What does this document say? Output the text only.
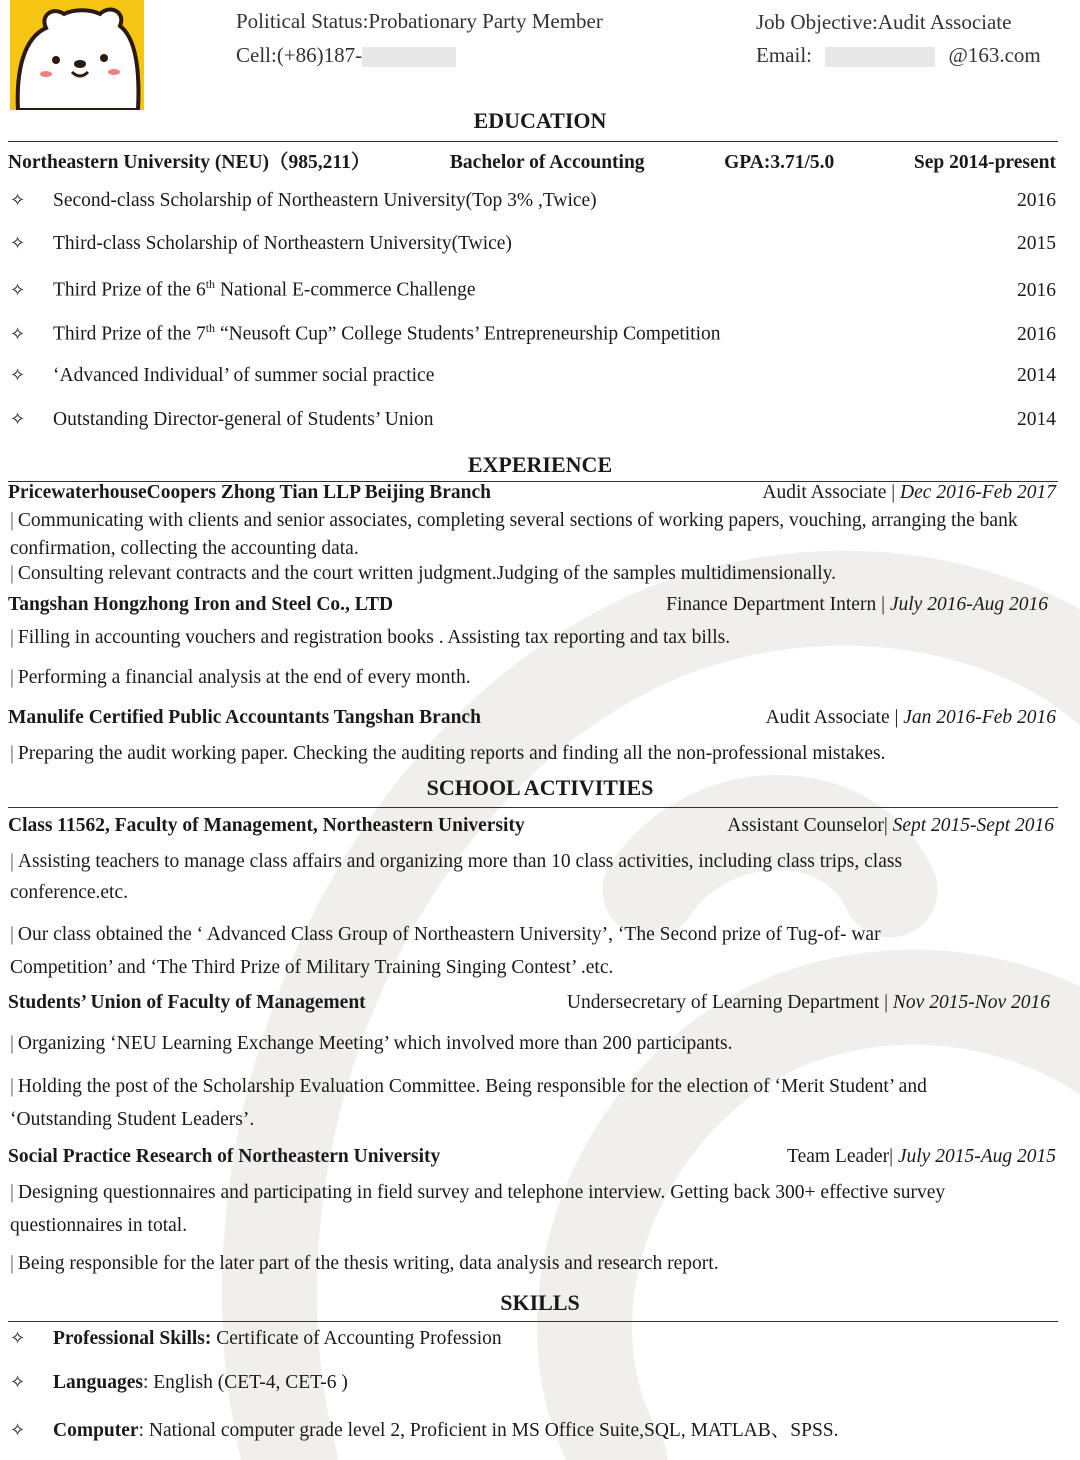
Political Status:Probationary Party Member
Cell:(+86)187-
Job Objective:Audit Associate
Email:	@163.com
EDUCATION
Northeastern University (NEU)（985,211）	Bachelor of Accounting	GPA:3.71/5.0	Sep 2014-present
✧	Second-class Scholarship of Northeastern University(Top 3% ,Twice)	2016
✧	Third-class Scholarship of Northeastern University(Twice)	2015
✧	Third Prize of the 6th National E-commerce Challenge	2016
✧	Third Prize of the 7th “Neusoft Cup” College Students’ Entrepreneurship Competition	2016
✧	‘Advanced Individual’ of summer social practice	2014
✧	Outstanding Director-general of Students’ Union	2014
EXPERIENCE
PricewaterhouseCoopers Zhong Tian LLP Beijing Branch	Audit Associate | Dec 2016-Feb 2017
| Communicating with clients and senior associates, completing several sections of working papers, vouching, arranging the bank confirmation, collecting the accounting data.
| Consulting relevant contracts and the court written judgment.Judging of the samples multidimensionally.
Tangshan Hongzhong Iron and Steel Co., LTD	Finance Department Intern | July 2016-Aug 2016
| Filling in accounting vouchers and registration books . Assisting tax reporting and tax bills.
| Performing a financial analysis at the end of every month.
Manulife Certified Public Accountants Tangshan Branch	Audit Associate | Jan 2016-Feb 2016
| Preparing the audit working paper. Checking the auditing reports and finding all the non-professional mistakes.
SCHOOL ACTIVITIES
Class 11562, Faculty of Management, Northeastern University	Assistant Counselor| Sept 2015-Sept 2016
| Assisting teachers to manage class affairs and organizing more than 10 class activities, including class trips, class conference.etc.
| Our class obtained the ‘ Advanced Class Group of Northeastern University’, ‘The Second prize of Tug-of- war Competition’ and ‘The Third Prize of Military Training Singing Contest’ .etc.
Students’ Union of Faculty of Management	Undersecretary of Learning Department | Nov 2015-Nov 2016
| Organizing ‘NEU Learning Exchange Meeting’ which involved more than 200 participants.
| Holding the post of the Scholarship Evaluation Committee. Being responsible for the election of ‘Merit Student’ and ‘Outstanding Student Leaders’.
Social Practice Research of Northeastern University	Team Leader| July 2015-Aug 2015
| Designing questionnaires and participating in field survey and telephone interview. Getting back 300+ effective survey questionnaires in total.
| Being responsible for the later part of the thesis writing, data analysis and research report.
SKILLS
✧	Professional Skills: Certificate of Accounting Profession
✧	Languages: English (CET-4, CET-6 )
✧	Computer: National computer grade level 2, Proficient in MS Office Suite,SQL, MATLAB、SPSS.
